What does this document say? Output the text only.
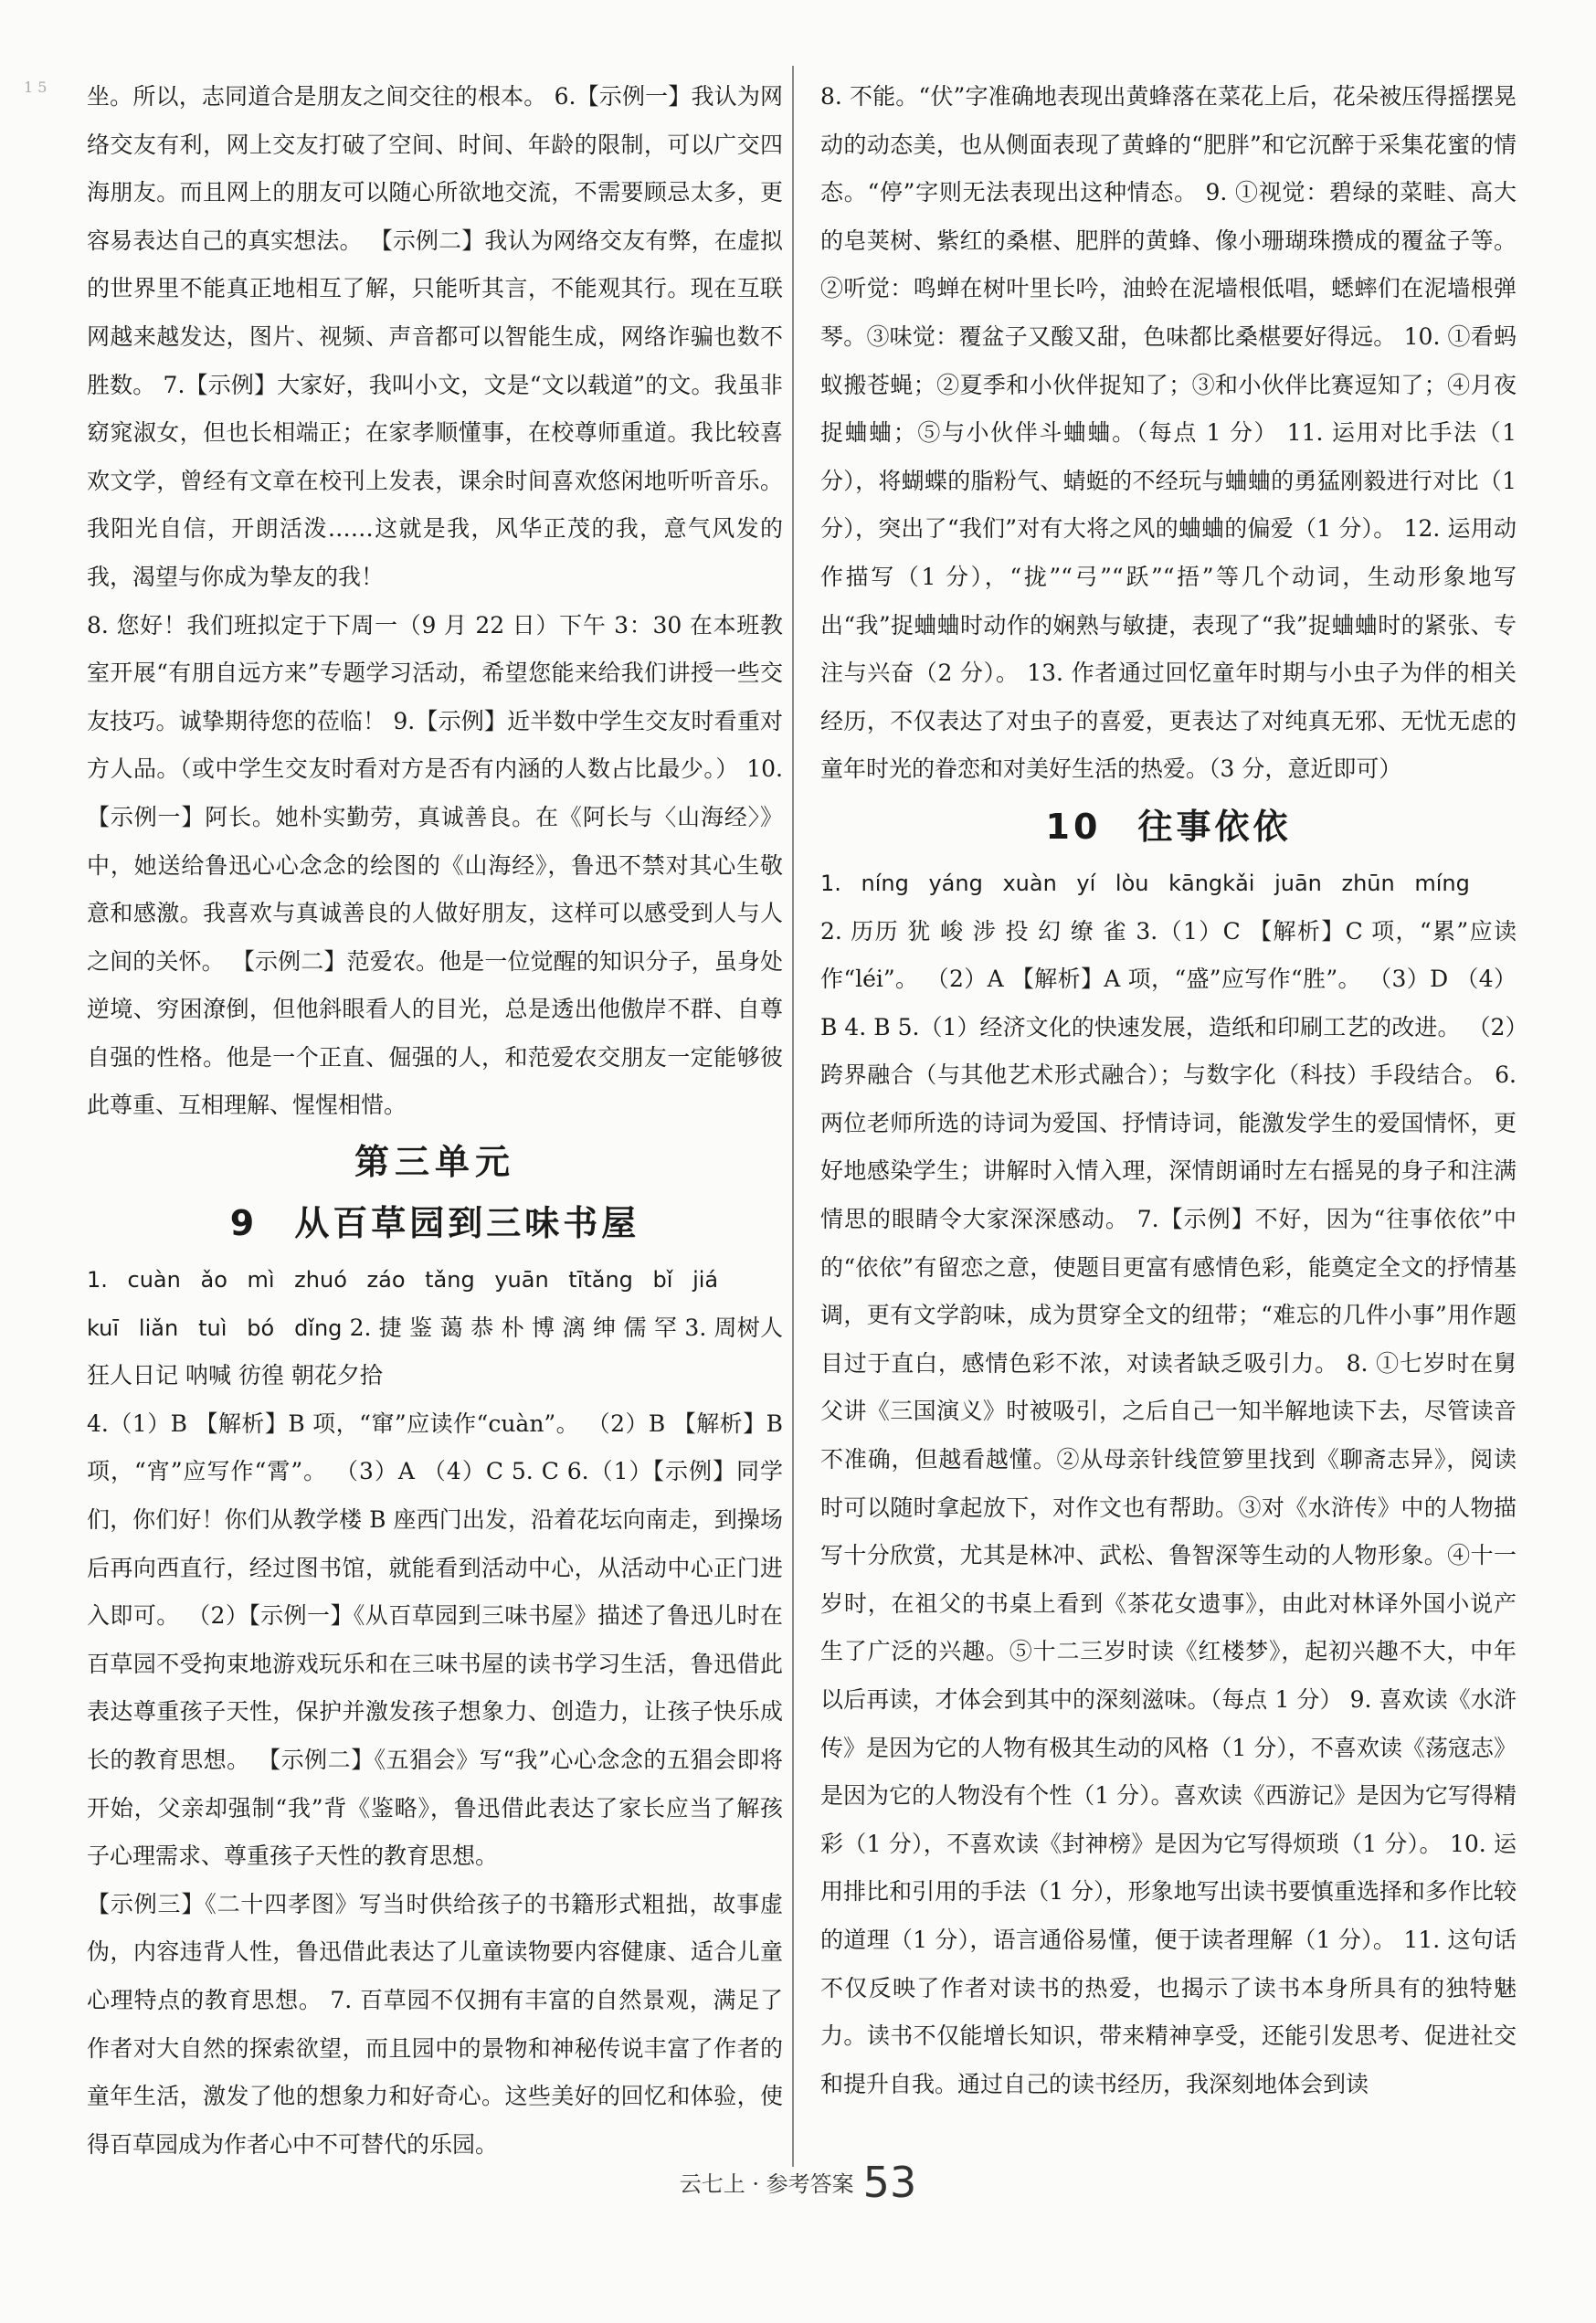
1 5 坐。所以，志同道合是朋友之间交往的根本。 6.【示例一】我认为网络交友有利，网上交友打破了空间、时间、年龄的限制，可以广交四海朋友。而且网上的朋友可以随心所欲地交流，不需要顾忌太多，更容易表达自己的真实想法。 【示例二】我认为网络交友有弊，在虚拟的世界里不能真正地相互了解，只能听其言，不能观其行。现在互联网越来越发达，图片、视频、声音都可以智能生成，网络诈骗也数不胜数。 7.【示例】大家好，我叫小文，文是“文以载道”的文。我虽非窈窕淑女，但也长相端正；在家孝顺懂事，在校尊师重道。我比较喜欢文学，曾经有文章在校刊上发表，课余时间喜欢悠闲地听听音乐。我阳光自信，开朗活泼……这就是我，风华正茂的我，意气风发的我，渴望与你成为挚友的我！

8. 您好！我们班拟定于下周一（9 月 22 日）下午 3：30 在本班教室开展“有朋自远方来”专题学习活动，希望您能来给我们讲授一些交友技巧。诚挚期待您的莅临！ 9.【示例】近半数中学生交友时看重对方人品。（或中学生交友时看对方是否有内涵的人数占比最少。） 10.【示例一】阿长。她朴实勤劳，真诚善良。在《阿长与〈山海经〉》中，她送给鲁迅心心念念的绘图的《山海经》，鲁迅不禁对其心生敬意和感激。我喜欢与真诚善良的人做好朋友，这样可以感受到人与人之间的关怀。 【示例二】范爱农。他是一位觉醒的知识分子，虽身处逆境、穷困潦倒，但他斜眼看人的目光，总是透出他傲岸不群、自尊自强的性格。他是一个正直、倔强的人，和范爱农交朋友一定能够彼此尊重、互相理解、惺惺相惜。

第三单元
9 从百草园到三味书屋

1. cuàn ǎo mì zhuó záo tǎng yuān tītǎng bǐ jiá

kuī liǎn tuì bó dǐng 2. 捷 鉴 蔼 恭 朴 博 漓 绅 儒 罕 3. 周树人 狂人日记 呐喊 彷徨 朝花夕拾

4.（1）B 【解析】B 项，“窜”应读作“cuàn”。 （2）B 【解析】B 项，“宵”应写作“霄”。 （3）A （4）C 5. C 6.（1）【示例】同学们，你们好！你们从教学楼 B 座西门出发，沿着花坛向南走，到操场后再向西直行，经过图书馆，就能看到活动中心，从活动中心正门进入即可。 （2）【示例一】《从百草园到三味书屋》描述了鲁迅儿时在百草园不受拘束地游戏玩乐和在三味书屋的读书学习生活，鲁迅借此表达尊重孩子天性，保护并激发孩子想象力、创造力，让孩子快乐成长的教育思想。 【示例二】《五猖会》写“我”心心念念的五猖会即将开始，父亲却强制“我”背《鉴略》，鲁迅借此表达了家长应当了解孩子心理需求、尊重孩子天性的教育思想。

【示例三】《二十四孝图》写当时供给孩子的书籍形式粗拙，故事虚伪，内容违背人性，鲁迅借此表达了儿童读物要内容健康、适合儿童心理特点的教育思想。 7. 百草园不仅拥有丰富的自然景观，满足了作者对大自然的探索欲望，而且园中的景物和神秘传说丰富了作者的童年生活，激发了他的想象力和好奇心。这些美好的回忆和体验，使得百草园成为作者心中不可替代的乐园。

8. 不能。“伏”字准确地表现出黄蜂落在菜花上后，花朵被压得摇摆晃动的动态美，也从侧面表现了黄蜂的“肥胖”和它沉醉于采集花蜜的情态。“停”字则无法表现出这种情态。 9. ①视觉：碧绿的菜畦、高大的皂荚树、紫红的桑椹、肥胖的黄蜂、像小珊瑚珠攒成的覆盆子等。②听觉：鸣蝉在树叶里长吟，油蛉在泥墙根低唱，蟋蟀们在泥墙根弹琴。③味觉：覆盆子又酸又甜，色味都比桑椹要好得远。 10. ①看蚂蚁搬苍蝇；②夏季和小伙伴捉知了；③和小伙伴比赛逗知了；④月夜捉蛐蛐；⑤与小伙伴斗蛐蛐。（每点 1 分） 11. 运用对比手法（1 分），将蝴蝶的脂粉气、蜻蜓的不经玩与蛐蛐的勇猛刚毅进行对比（1 分），突出了“我们”对有大将之风的蛐蛐的偏爱（1 分）。 12. 运用动作描写（1 分），“拢”“弓”“跃”“捂”等几个动词，生动形象地写出“我”捉蛐蛐时动作的娴熟与敏捷，表现了“我”捉蛐蛐时的紧张、专注与兴奋（2 分）。 13. 作者通过回忆童年时期与小虫子为伴的相关经历，不仅表达了对虫子的喜爱，更表达了对纯真无邪、无忧无虑的童年时光的眷恋和对美好生活的热爱。（3 分，意近即可）

10 往事依依

1. níng yáng xuàn yí lòu kāngkǎi juān zhūn míng

2. 历历 犹 峻 涉 投 幻 缭 雀 3.（1）C 【解析】C 项，“累”应读作“léi”。 （2）A 【解析】A 项，“盛”应写作“胜”。 （3）D （4）B 4. B 5.（1）经济文化的快速发展，造纸和印刷工艺的改进。 （2）跨界融合（与其他艺术形式融合）；与数字化（科技）手段结合。 6. 两位老师所选的诗词为爱国、抒情诗词，能激发学生的爱国情怀，更好地感染学生；讲解时入情入理，深情朗诵时左右摇晃的身子和注满情思的眼睛令大家深深感动。 7.【示例】不好，因为“往事依依”中的“依依”有留恋之意，使题目更富有感情色彩，能奠定全文的抒情基调，更有文学韵味，成为贯穿全文的纽带；“难忘的几件小事”用作题目过于直白，感情色彩不浓，对读者缺乏吸引力。 8. ①七岁时在舅父讲《三国演义》时被吸引，之后自己一知半解地读下去，尽管读音不准确，但越看越懂。②从母亲针线笸箩里找到《聊斋志异》，阅读时可以随时拿起放下，对作文也有帮助。③对《水浒传》中的人物描写十分欣赏，尤其是林冲、武松、鲁智深等生动的人物形象。④十一岁时，在祖父的书桌上看到《茶花女遗事》，由此对林译外国小说产生了广泛的兴趣。⑤十二三岁时读《红楼梦》，起初兴趣不大，中年以后再读，才体会到其中的深刻滋味。（每点 1 分） 9. 喜欢读《水浒传》是因为它的人物有极其生动的风格（1 分），不喜欢读《荡寇志》是因为它的人物没有个性（1 分）。喜欢读《西游记》是因为它写得精彩（1 分），不喜欢读《封神榜》是因为它写得烦琐（1 分）。 10. 运用排比和引用的手法（1 分），形象地写出读书要慎重选择和多作比较的道理（1 分），语言通俗易懂，便于读者理解（1 分）。 11. 这句话不仅反映了作者对读书的热爱，也揭示了读书本身所具有的独特魅力。读书不仅能增长知识，带来精神享受，还能引发思考、促进社交和提升自我。通过自己的读书经历，我深刻地体会到读

云七上 · 参考答案 53
